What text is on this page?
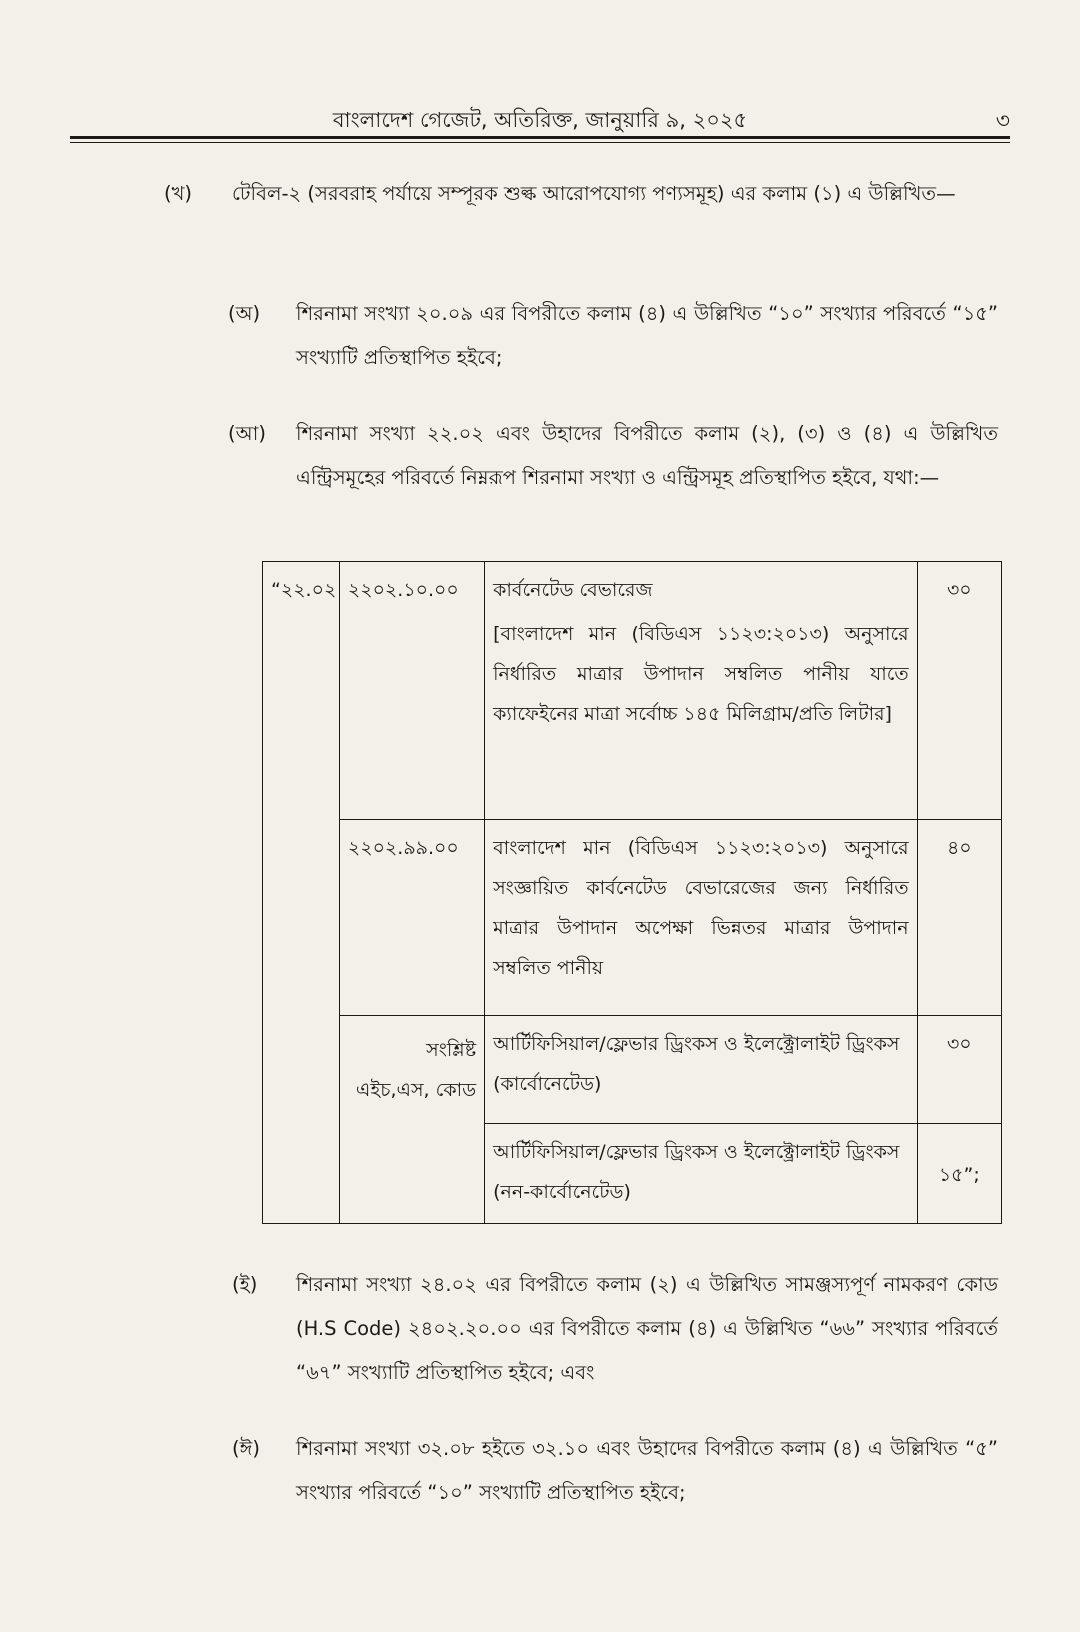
বাংলাদেশ গেজেট, অতিরিক্ত, জানুয়ারি ৯, ২০২৫	৩
(খ) টেবিল-২ (সরবরাহ পর্যায়ে সম্পূরক শুল্ক আরোপযোগ্য পণ্যসমূহ) এর কলাম (১) এ উল্লিখিত—
(অ) শিরনামা সংখ্যা ২০.০৯ এর বিপরীতে কলাম (৪) এ উল্লিখিত “১০” সংখ্যার পরিবর্তে “১৫” সংখ্যাটি প্রতিস্থাপিত হইবে;
(আ) শিরনামা সংখ্যা ২২.০২ এবং উহাদের বিপরীতে কলাম (২), (৩) ও (৪) এ উল্লিখিত এন্ট্রিসমূহের পরিবর্তে নিম্নরূপ শিরনামা সংখ্যা ও এন্ট্রিসমূহ প্রতিস্থাপিত হইবে, যথা:—
“২২.০২	২২০২.১০.০০	কার্বনেটেড বেভারেজ
[বাংলাদেশ মান (বিডিএস ১১২৩:২০১৩) অনুসারে নির্ধারিত মাত্রার উপাদান সম্বলিত পানীয় যাতে ক্যাফেইনের মাত্রা সর্বোচ্চ ১৪৫ মিলিগ্রাম/প্রতি লিটার]	৩০
	২২০২.৯৯.০০	বাংলাদেশ মান (বিডিএস ১১২৩:২০১৩) অনুসারে সংজ্ঞায়িত কার্বনেটেড বেভারেজের জন্য নির্ধারিত মাত্রার উপাদান অপেক্ষা ভিন্নতর মাত্রার উপাদান সম্বলিত পানীয়	৪০
	সংশ্লিষ্ট এইচ,এস, কোড	আর্টিফিসিয়াল/ফ্লেভার ড্রিংকস ও ইলেক্ট্রোলাইট ড্রিংকস (কার্বোনেটেড)	৩০

		আর্টিফিসিয়াল/ফ্লেভার ড্রিংকস ও ইলেক্ট্রোলাইট ড্রিংকস (নন-কার্বোনেটেড)	১৫”;
(ই) শিরনামা সংখ্যা ২৪.০২ এর বিপরীতে কলাম (২) এ উল্লিখিত সামঞ্জস্যপূর্ণ নামকরণ কোড (H.S Code) ২৪০২.২০.০০ এর বিপরীতে কলাম (৪) এ উল্লিখিত “৬৬” সংখ্যার পরিবর্তে “৬৭” সংখ্যাটি প্রতিস্থাপিত হইবে; এবং
(ঈ) শিরনামা সংখ্যা ৩২.০৮ হইতে ৩২.১০ এবং উহাদের বিপরীতে কলাম (৪) এ উল্লিখিত “৫” সংখ্যার পরিবর্তে “১০” সংখ্যাটি প্রতিস্থাপিত হইবে;
